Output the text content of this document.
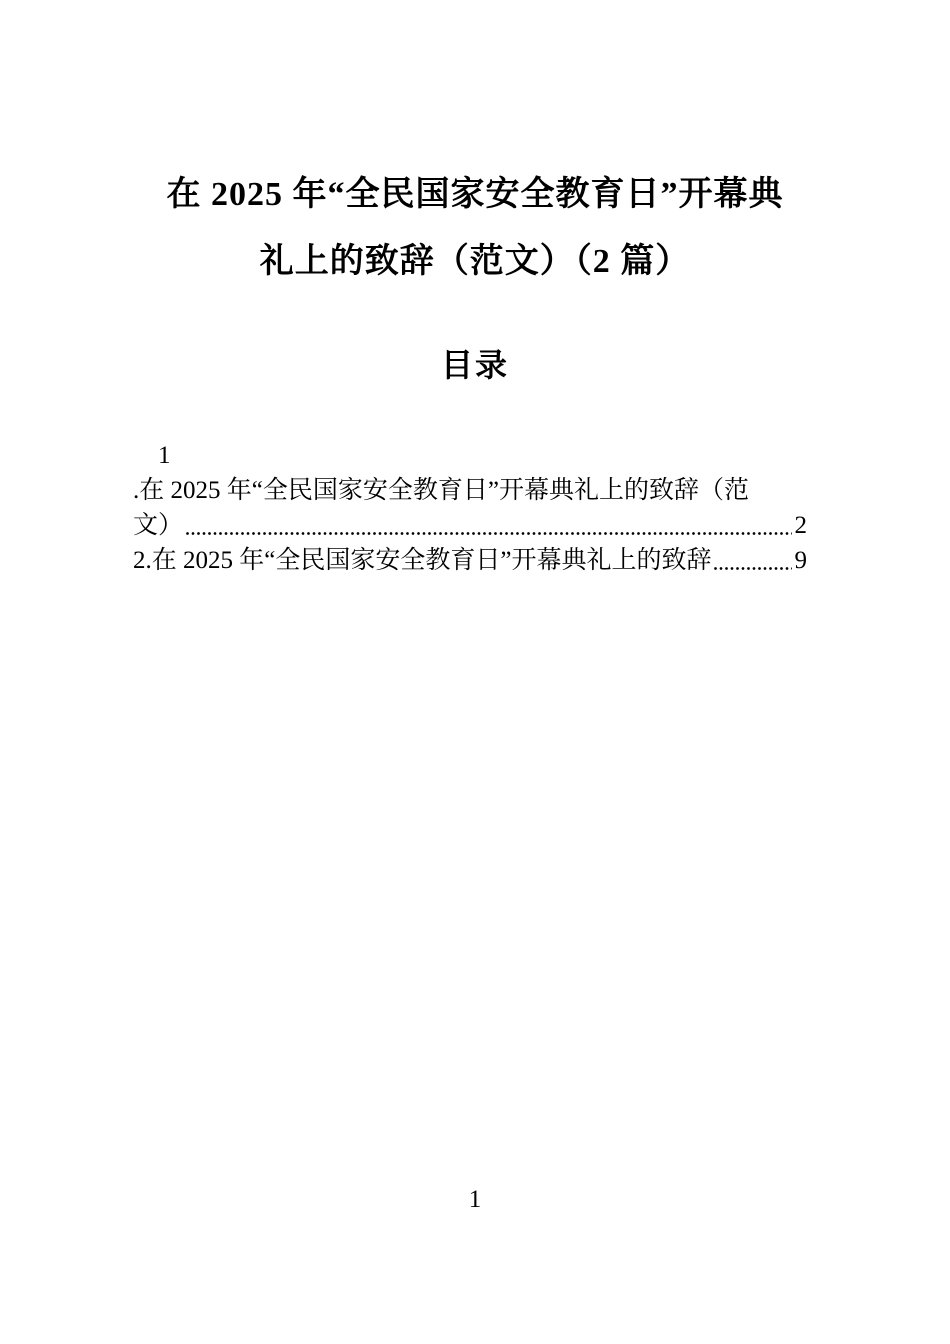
在 2025 年“全民国家安全教育日”开幕典
礼上的致辞（范文）（2 篇）
目录
1
.在 2025 年“全民国家安全教育日”开幕典礼上的致辞（范
文）	2
2.在 2025 年“全民国家安全教育日”开幕典礼上的致辞	9
1
